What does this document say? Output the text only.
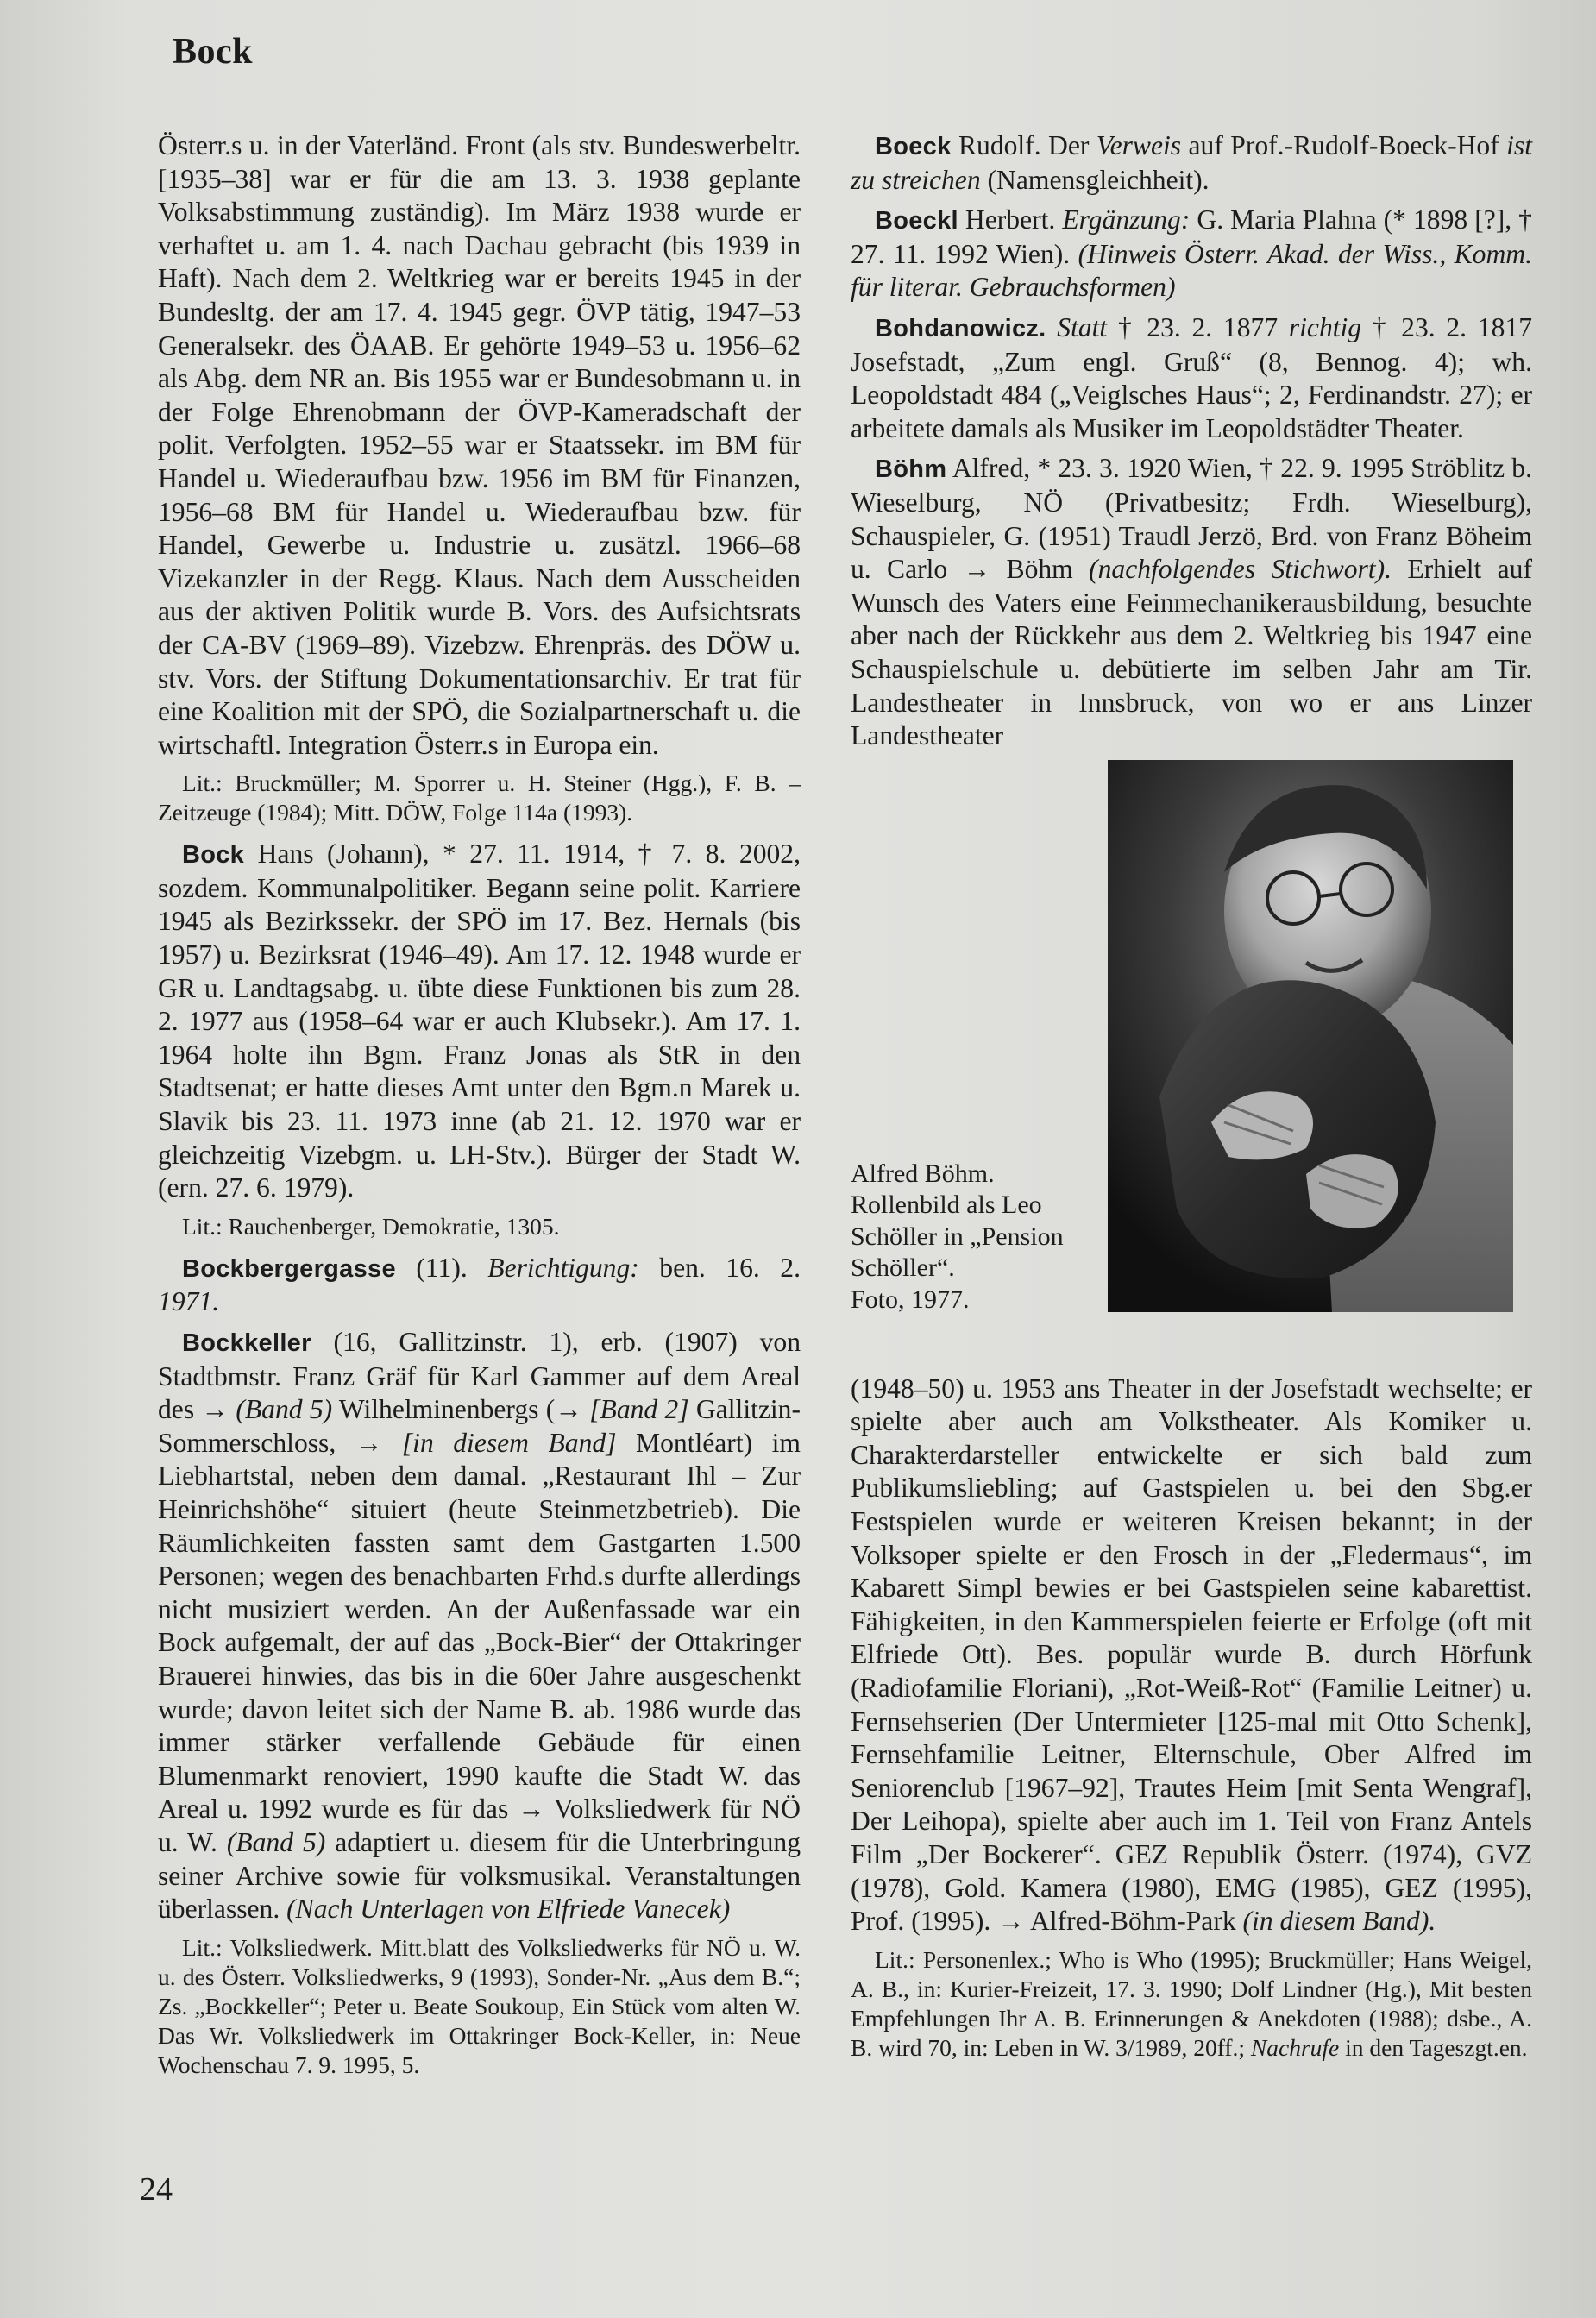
Bock

Österr.s u. in der Vaterländ. Front (als stv. Bundeswerbeltr. [1935–38] war er für die am 13. 3. 1938 geplante Volksabstimmung zuständig). Im März 1938 wurde er verhaftet u. am 1. 4. nach Dachau gebracht (bis 1939 in Haft). Nach dem 2. Weltkrieg war er bereits 1945 in der Bundesltg. der am 17. 4. 1945 gegr. ÖVP tätig, 1947–53 Generalsekr. des ÖAAB. Er gehörte 1949–53 u. 1956–62 als Abg. dem NR an. Bis 1955 war er Bundesobmann u. in der Folge Ehrenobmann der ÖVP-Kameradschaft der polit. Verfolgten. 1952–55 war er Staatssekr. im BM für Handel u. Wiederaufbau bzw. 1956 im BM für Finanzen, 1956–68 BM für Handel u. Wiederaufbau bzw. für Handel, Gewerbe u. Industrie u. zusätzl. 1966–68 Vizekanzler in der Regg. Klaus. Nach dem Ausscheiden aus der aktiven Politik wurde B. Vors. des Aufsichtsrats der CA-BV (1969–89). Vizebzw. Ehrenpräs. des DÖW u. stv. Vors. der Stiftung Dokumentationsarchiv. Er trat für eine Koalition mit der SPÖ, die Sozialpartnerschaft u. die wirtschaftl. Integration Österr.s in Europa ein.

Lit.: Bruckmüller; M. Sporrer u. H. Steiner (Hgg.), F. B. – Zeitzeuge (1984); Mitt. DÖW, Folge 114a (1993).

Bock Hans (Johann), * 27. 11. 1914, † 7. 8. 2002, sozdem. Kommunalpolitiker. Begann seine polit. Karriere 1945 als Bezirkssekr. der SPÖ im 17. Bez. Hernals (bis 1957) u. Bezirksrat (1946–49). Am 17. 12. 1948 wurde er GR u. Landtagsabg. u. übte diese Funktionen bis zum 28. 2. 1977 aus (1958–64 war er auch Klubsekr.). Am 17. 1. 1964 holte ihn Bgm. Franz Jonas als StR in den Stadtsenat; er hatte dieses Amt unter den Bgm.n Marek u. Slavik bis 23. 11. 1973 inne (ab 21. 12. 1970 war er gleichzeitig Vizebgm. u. LH-Stv.). Bürger der Stadt W. (ern. 27. 6. 1979).

Lit.: Rauchenberger, Demokratie, 1305.

Bockbergergasse (11). Berichtigung: ben. 16. 2. 1971.

Bockkeller (16, Gallitzinstr. 1), erb. (1907) von Stadtbmstr. Franz Gräf für Karl Gammer auf dem Areal des → (Band 5) Wilhelminenbergs (→ [Band 2] Gallitzin-Sommerschloss, → [in diesem Band] Montléart) im Liebhartstal, neben dem damal. „Restaurant Ihl – Zur Heinrichshöhe“ situiert (heute Steinmetzbetrieb). Die Räumlichkeiten fassten samt dem Gastgarten 1.500 Personen; wegen des benachbarten Frhd.s durfte allerdings nicht musiziert werden. An der Außenfassade war ein Bock aufgemalt, der auf das „Bock-Bier“ der Ottakringer Brauerei hinwies, das bis in die 60er Jahre ausgeschenkt wurde; davon leitet sich der Name B. ab. 1986 wurde das immer stärker verfallende Gebäude für einen Blumenmarkt renoviert, 1990 kaufte die Stadt W. das Areal u. 1992 wurde es für das → Volksliedwerk für NÖ u. W. (Band 5) adaptiert u. diesem für die Unterbringung seiner Archive sowie für volksmusikal. Veranstaltungen überlassen. (Nach Unterlagen von Elfriede Vanecek)

Lit.: Volksliedwerk. Mitt.blatt des Volksliedwerks für NÖ u. W. u. des Österr. Volksliedwerks, 9 (1993), Sonder-Nr. „Aus dem B.“; Zs. „Bockkeller“; Peter u. Beate Soukoup, Ein Stück vom alten W. Das Wr. Volksliedwerk im Ottakringer Bock-Keller, in: Neue Wochenschau 7. 9. 1995, 5.

Boeck Rudolf. Der Verweis auf Prof.-Rudolf-Boeck-Hof ist zu streichen (Namensgleichheit).

Boeckl Herbert. Ergänzung: G. Maria Plahna (* 1898 [?], † 27. 11. 1992 Wien). (Hinweis Österr. Akad. der Wiss., Komm. für literar. Gebrauchsformen)

Bohdanowicz. Statt † 23. 2. 1877 richtig † 23. 2. 1817 Josefstadt, „Zum engl. Gruß“ (8, Bennog. 4); wh. Leopoldstadt 484 („Veiglsches Haus“; 2, Ferdinandstr. 27); er arbeitete damals als Musiker im Leopoldstädter Theater.

Böhm Alfred, * 23. 3. 1920 Wien, † 22. 9. 1995 Ströblitz b. Wieselburg, NÖ (Privatbesitz; Frdh. Wieselburg), Schauspieler, G. (1951) Traudl Jerzö, Brd. von Franz Böheim u. Carlo → Böhm (nachfolgendes Stichwort). Erhielt auf Wunsch des Vaters eine Feinmechanikerausbildung, besuchte aber nach der Rückkehr aus dem 2. Weltkrieg bis 1947 eine Schauspielschule u. debütierte im selben Jahr am Tir. Landestheater in Innsbruck, von wo er ans Linzer Landestheater

Alfred Böhm.
Rollenbild als Leo
Schöller in „Pension
Schöller“.
Foto, 1977.

(1948–50) u. 1953 ans Theater in der Josefstadt wechselte; er spielte aber auch am Volkstheater. Als Komiker u. Charakterdarsteller entwickelte er sich bald zum Publikumsliebling; auf Gastspielen u. bei den Sbg.er Festspielen wurde er weiteren Kreisen bekannt; in der Volksoper spielte er den Frosch in der „Fledermaus“, im Kabarett Simpl bewies er bei Gastspielen seine kabarettist. Fähigkeiten, in den Kammerspielen feierte er Erfolge (oft mit Elfriede Ott). Bes. populär wurde B. durch Hörfunk (Radiofamilie Floriani), „Rot-Weiß-Rot“ (Familie Leitner) u. Fernsehserien (Der Untermieter [125-mal mit Otto Schenk], Fernsehfamilie Leitner, Elternschule, Ober Alfred im Seniorenclub [1967–92], Trautes Heim [mit Senta Wengraf], Der Leihopa), spielte aber auch im 1. Teil von Franz Antels Film „Der Bockerer“. GEZ Republik Österr. (1974), GVZ (1978), Gold. Kamera (1980), EMG (1985), GEZ (1995), Prof. (1995). → Alfred-Böhm-Park (in diesem Band).

Lit.: Personenlex.; Who is Who (1995); Bruckmüller; Hans Weigel, A. B., in: Kurier-Freizeit, 17. 3. 1990; Dolf Lindner (Hg.), Mit besten Empfehlungen Ihr A. B. Erinnerungen & Anekdoten (1988); dsbe., A. B. wird 70, in: Leben in W. 3/1989, 20ff.; Nachrufe in den Tageszgt.en.

24
